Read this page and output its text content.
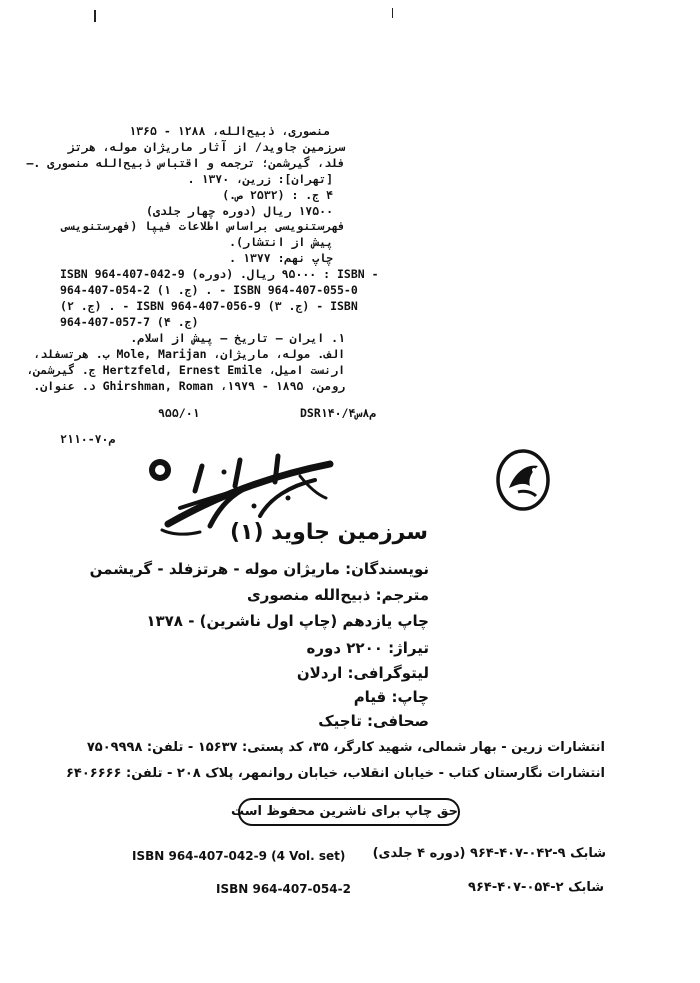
منصوری، ذبیح‌الله، ۱۲۸۸ - ۱۳۶۵
سرزمین جاوید/ از آثار ماریژان موله، هرتز
فلد، گیرشمن؛ ترجمه و اقتباس ذبیح‌الله منصوری .—
[تهران]: زرین، ۱۳۷۰ .
۴ ج. : (۲۵۳۲ ص.)
۱۷۵۰۰ ریال (دوره چهار جلدی)
فهرستنویسی براساس اطلاعات فیپا (فهرستنویسی
پیش از انتشار).
چاپ نهم: ۱۳۷۷ .
ISBN 964-407-042-9 (دوره) .۹۵۰۰۰ ریال : ISBN -
964-407-054-2 (ج. ۱) . - ISBN 964-407-055-0
(ج. ۲) . - ISBN 964-407-056-9 (ج. ۳) - ISBN
964-407-057-7 (ج. ۴)
۱. ایران — تاریخ — پیش از اسلام.
الف. موله، ماریژان، Mole, Marijan ب. هرتسفلد،
ارنست امیل، Hertzfeld, Ernest Emile ج. گیرشمن،
رومن، ۱۸۹۵ - ۱۹۷۹، Ghirshman, Roman د. عنوان.
۹۵۵/۰۱	DSR۱۴۰/م۸س۴
۲۱۱۰-۷۰م
سرزمین جاوید (۱)
نویسندگان: ماریژان موله - هرتزفلد - گریشمن
مترجم: ذبیح‌الله منصوری
چاپ یازدهم (چاپ اول ناشرین) - ۱۳۷۸
تیراژ: ۲۲۰۰ دوره
لیتوگرافی: اردلان
چاپ: قیام
صحافی: تاجیک
انتشارات زرین - بهار شمالی، شهید کارگر، ۳۵، کد پستی: ۱۵۶۳۷ - تلفن: ۷۵۰۹۹۹۸
انتشارات نگارستان کتاب - خیابان انقلاب، خیابان روانمهر، پلاک ۲۰۸ - تلفن: ۶۴۰۶۶۶۶
حق چاپ برای ناشرین محفوظ است
ISBN 964-407-042-9 (4 Vol. set) شابک ۹-۰۴۲-۴۰۷-۹۶۴ (دوره ۴ جلدی)
ISBN 964-407-054-2	شابک ۲-۰۵۴-۴۰۷-۹۶۴
